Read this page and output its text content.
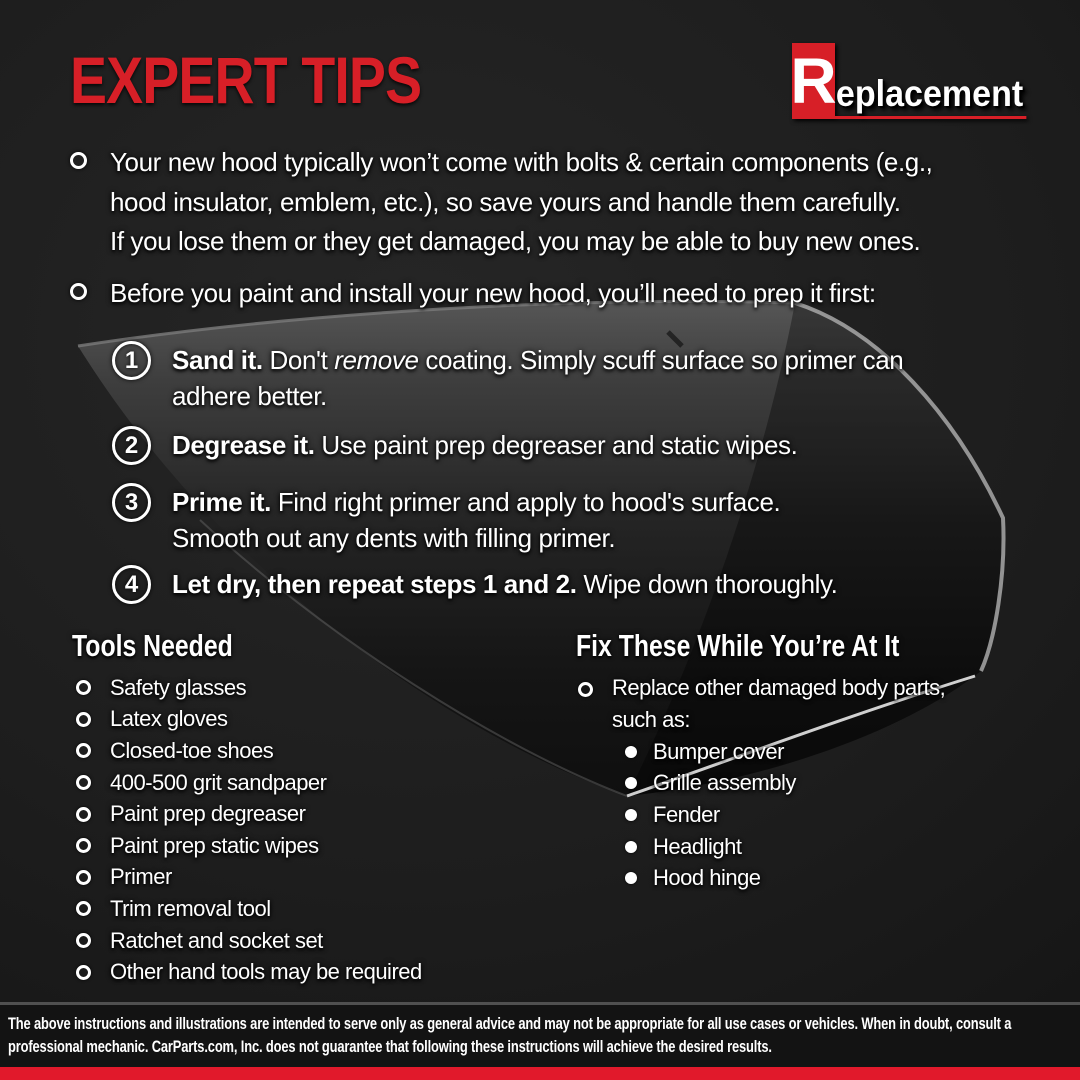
EXPERT TIPS	R eplacement
Your new hood typically won’t come with bolts & certain components (e.g.,
hood insulator, emblem, etc.), so save yours and handle them carefully.
If you lose them or they get damaged, you may be able to buy new ones.
Before you paint and install your new hood, you’ll need to prep it first:
1	Sand it. Don't remove coating. Simply scuff surface so primer can
adhere better.
2	Degrease it. Use paint prep degreaser and static wipes.
3	Prime it. Find right primer and apply to hood's surface.
Smooth out any dents with filling primer.
4	Let dry, then repeat steps 1 and 2. Wipe down thoroughly.
Tools Needed
Safety glasses
Latex gloves
Closed-toe shoes
400-500 grit sandpaper
Paint prep degreaser
Paint prep static wipes
Primer
Trim removal tool
Ratchet and socket set
Other hand tools may be required
Fix These While You’re At It
Replace other damaged body parts,
such as:
Bumper cover
Grille assembly
Fender
Headlight
Hood hinge
The above instructions and illustrations are intended to serve only as general advice and may not be appropriate for all use cases or vehicles. When in doubt, consult a
professional mechanic. CarParts.com, Inc. does not guarantee that following these instructions will achieve the desired results.
